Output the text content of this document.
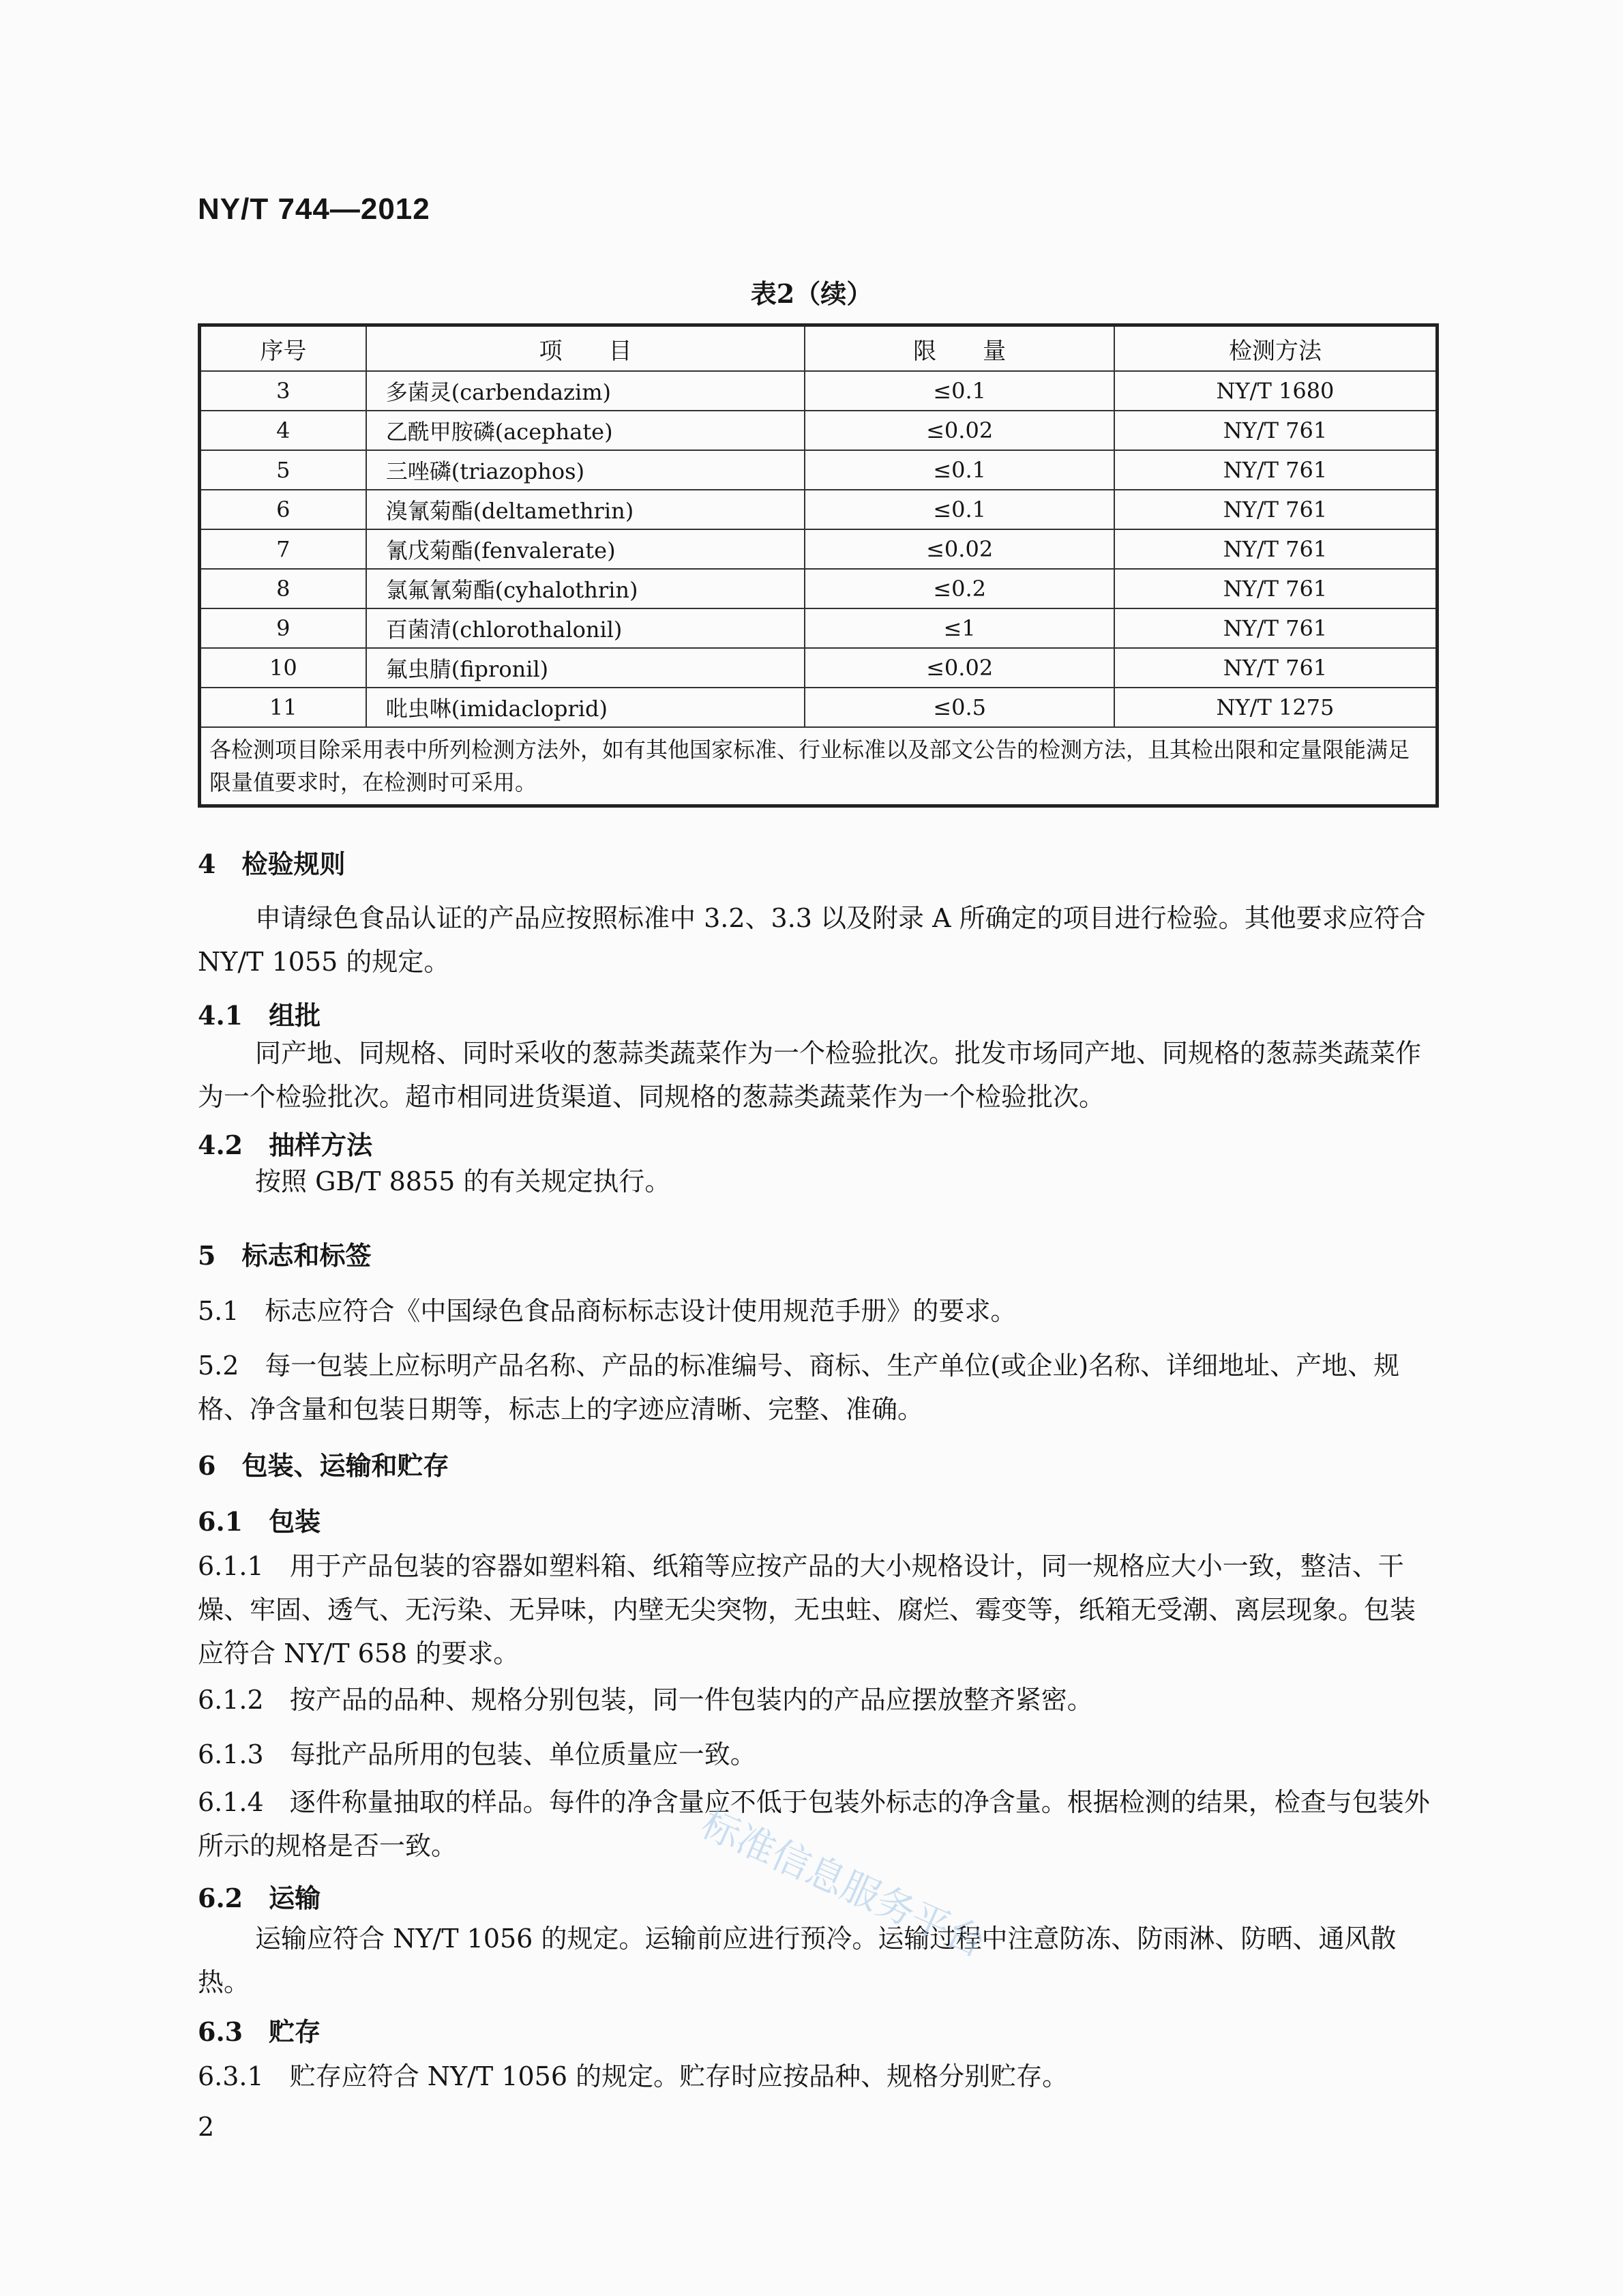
NY/T 744—2012
表2（续）
序号	项　　目	限　　量	检测方法
3	多菌灵(carbendazim)	≤0.1	NY/T 1680
4	乙酰甲胺磷(acephate)	≤0.02	NY/T 761
5	三唑磷(triazophos)	≤0.1	NY/T 761
6	溴氰菊酯(deltamethrin)	≤0.1	NY/T 761
7	氰戊菊酯(fenvalerate)	≤0.02	NY/T 761
8	氯氟氰菊酯(cyhalothrin)	≤0.2	NY/T 761
9	百菌清(chlorothalonil)	≤1	NY/T 761
10	氟虫腈(fipronil)	≤0.02	NY/T 761
11	吡虫啉(imidacloprid)	≤0.5	NY/T 1275
各检测项目除采用表中所列检测方法外，如有其他国家标准、行业标准以及部文公告的检测方法，且其检出限和定量限能满足限量值要求时，在检测时可采用。			
4　检验规则
申请绿色食品认证的产品应按照标准中 3.2、3.3 以及附录 A 所确定的项目进行检验。其他要求应符合 NY/T 1055 的规定。
4.1　组批
同产地、同规格、同时采收的葱蒜类蔬菜作为一个检验批次。批发市场同产地、同规格的葱蒜类蔬菜作为一个检验批次。超市相同进货渠道、同规格的葱蒜类蔬菜作为一个检验批次。
4.2　抽样方法
按照 GB/T 8855 的有关规定执行。
5　标志和标签
5.1　标志应符合《中国绿色食品商标标志设计使用规范手册》的要求。
5.2　每一包装上应标明产品名称、产品的标准编号、商标、生产单位(或企业)名称、详细地址、产地、规格、净含量和包装日期等，标志上的字迹应清晰、完整、准确。
6　包装、运输和贮存
6.1　包装
6.1.1　用于产品包装的容器如塑料箱、纸箱等应按产品的大小规格设计，同一规格应大小一致，整洁、干燥、牢固、透气、无污染、无异味，内壁无尖突物，无虫蛀、腐烂、霉变等，纸箱无受潮、离层现象。包装应符合 NY/T 658 的要求。
6.1.2　按产品的品种、规格分别包装，同一件包装内的产品应摆放整齐紧密。
6.1.3　每批产品所用的包装、单位质量应一致。
6.1.4　逐件称量抽取的样品。每件的净含量应不低于包装外标志的净含量。根据检测的结果，检查与包装外所示的规格是否一致。
6.2　运输
运输应符合 NY/T 1056 的规定。运输前应进行预冷。运输过程中注意防冻、防雨淋、防晒、通风散热。
6.3　贮存
6.3.1　贮存应符合 NY/T 1056 的规定。贮存时应按品种、规格分别贮存。
2
标准信息服务平台
